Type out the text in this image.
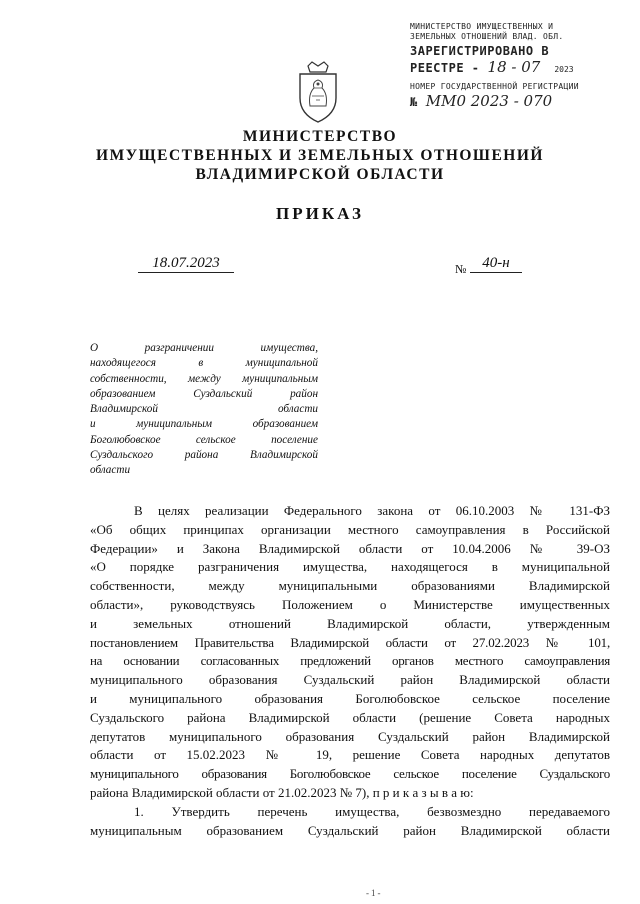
МИНИСТЕРСТВО ИМУЩЕСТВЕННЫХ И
ЗЕМЕЛЬНЫХ ОТНОШЕНИЙ ВЛАД. ОБЛ.
ЗАРЕГИСТРИРОВАНО В
РЕЕСТРЕ - 18 - 07 2023
НОМЕР ГОСУДАРСТВЕННОЙ РЕГИСТРАЦИИ
№ ММ0 2023 - 070
МИНИСТЕРСТВО
ИМУЩЕСТВЕННЫХ И ЗЕМЕЛЬНЫХ ОТНОШЕНИЙ
ВЛАДИМИРСКОЙ ОБЛАСТИ
ПРИКАЗ
18.07.2023	№	40-н
О разграничении имущества,
находящегося в муниципальной
собственности, между муниципальным
образованием Суздальский район
Владимирской области
и муниципальным образованием
Боголюбовское сельское поселение
Суздальского района Владимирской
области
В целях реализации Федерального закона от 06.10.2003 № 131-ФЗ
«Об общих принципах организации местного самоуправления в Российской
Федерации» и Закона Владимирской области от 10.04.2006 № 39-ОЗ
«О порядке разграничения имущества, находящегося в муниципальной
собственности, между муниципальными образованиями Владимирской
области», руководствуясь Положением о Министерстве имущественных
и земельных отношений Владимирской области, утвержденным
постановлением Правительства Владимирской области от 27.02.2023 № 101,
на основании согласованных предложений органов местного самоуправления
муниципального образования Суздальский район Владимирской области
и муниципального образования Боголюбовское сельское поселение
Суздальского района Владимирской области (решение Совета народных
депутатов муниципального образования Суздальский район Владимирской
области от 15.02.2023 № 19, решение Совета народных депутатов
муниципального образования Боголюбовское сельское поселение Суздальского
района Владимирской области от 21.02.2023 № 7), п р и к а з ы в а ю:
1. Утвердить перечень имущества, безвозмездно передаваемого
муниципальным образованием Суздальский район Владимирской области
-1-
